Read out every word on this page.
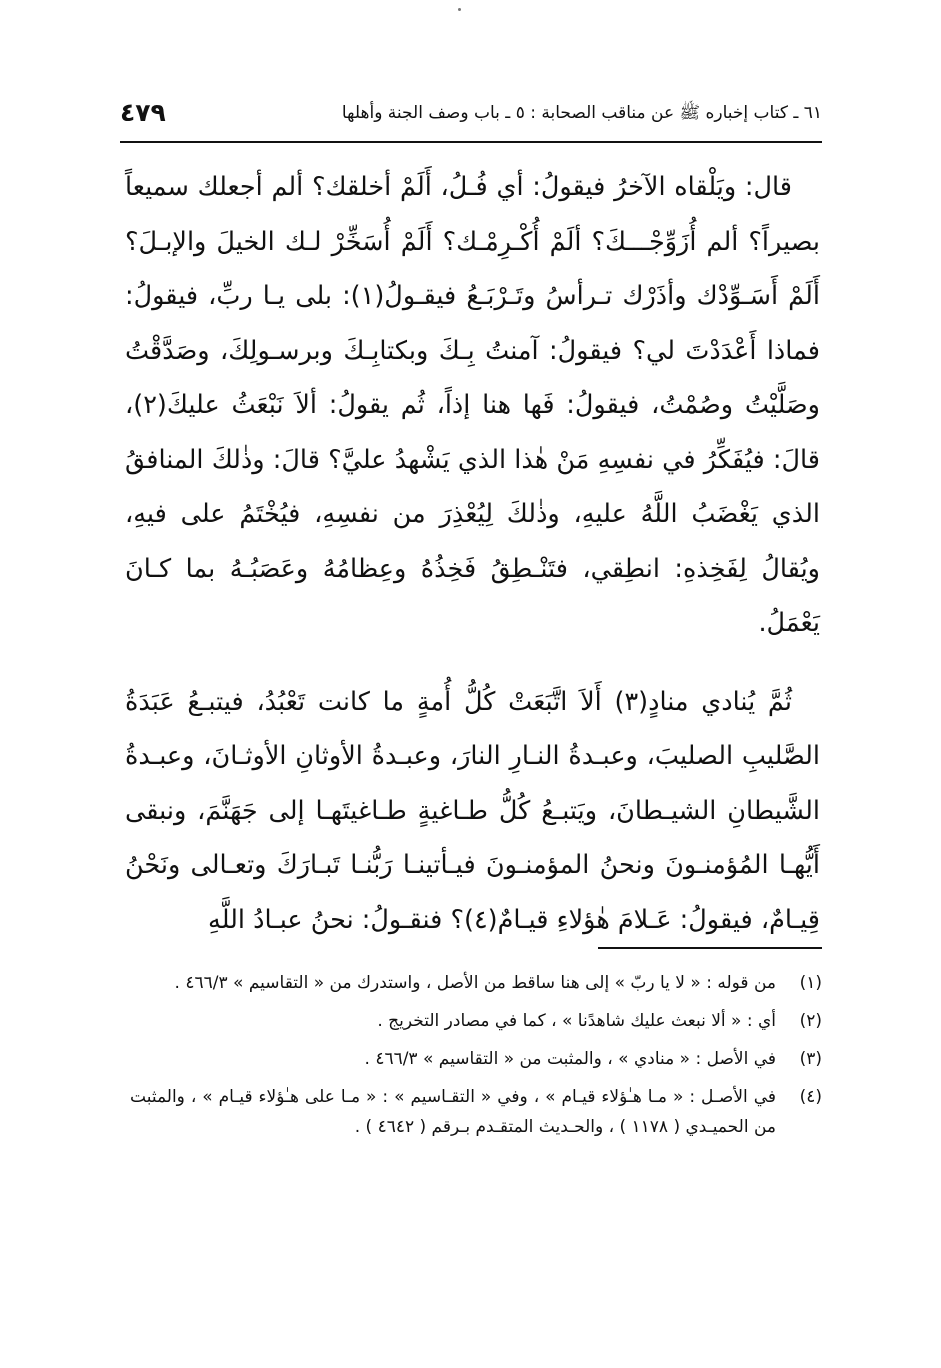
٦١ ـ كتاب إخباره ﷺ عن مناقب الصحابة : ٥ ـ باب وصف الجنة وأهلها
٤٧٩

قال: ويَلْقاه الآخرُ فيقولُ: أي فُـلُ، أَلَمْ أخلقك؟ ألم أجعلك سميعاً بصيراً؟ ألم أُزَوِّجْـــكَ؟ ألَمْ أُكْـرِمْـك؟ أَلَمْ أُسَخِّرْ لـك الخيلَ والإبـلَ؟ أَلَمْ أَسَـوِّدْك وأذَرْك تـرأسُ وتَـرْبَـعُ فيقـولُ(١): بلى يـا ربِّ، فيقولُ: فماذا أَعْدَدْتَ لي؟ فيقولُ: آمنتُ بِـكَ وبكتابِـكَ وبرسـولِكَ، وصَدَّقْتُ وصَلَّيْتُ وصُمْتُ، فيقولُ: فَها هنا إذاً، ثُم يقولُ: ألاَ نَبْعَثُ عليكَ(٢)، قالَ: فيُفَكِّرُ في نفسِهِ مَنْ هٰذا الذي يَشْهدُ عليَّ؟ قالَ: وذٰلكَ المنافقُ الذي يَغْضَبُ اللَّهُ عليهِ، وذٰلكَ لِيُعْذِرَ من نفسِهِ، فيُخْتَمُ على فيهِ، ويُقالُ لِفَخِذهِ: انطِقي، فتَنْـطِقُ فَخِذُهُ وعِظامُهُ وعَصَبُـهُ بما كـانَ يَعْمَلُ.

ثُمَّ يُنادي منادٍ(٣) أَلاَ اتَّبَعَتْ كُلُّ أُمةٍ ما كانت تَعْبُدُ، فيتبـعُ عَبَدَةُ الصَّليبِ الصليبَ، وعبـدةُ النـارِ النارَ، وعبـدةُ الأوثانِ الأوثـانَ، وعبـدةُ الشَّيطانِ الشيـطانَ، ويَتبـعُ كُلُّ طـاغيةٍ طـاغيتَهـا إلى جَهَنَّمَ، ونبقى أَيُّهـا المُؤمنـونَ ونحنُ المؤمنـونَ فيـأتينـا رَبُّنـا تَبـارَكَ وتعـالى ونَحْنُ قِيـامٌ، فيقولُ: عَـلامَ هٰؤلاءِ قيـامٌ(٤)؟ فنقـولُ: نحنُ عبـادُ اللَّهِ

(١)
من قوله : « لا يا ربّ » إلى هنا ساقط من الأصل ، واستدرك من « التقاسيم » ٤٦٦/٣ .
(٢)
أي : « ألا نبعث عليك شاهدًنا » ، كما في مصادر التخريج .
(٣)
في الأصل : « منادي » ، والمثبت من « التقاسيم » ٤٦٦/٣ .
(٤)
في الأصـل : « مـا هـٰؤلاء قيـام » ، وفي « التقـاسيم » : « مـا على هـٰؤلاء قيـام » ، والمثبت من الحميـدي ( ١١٧٨ ) ، والحـديث المتقـدم بـرقم ( ٤٦٤٢ ) .
